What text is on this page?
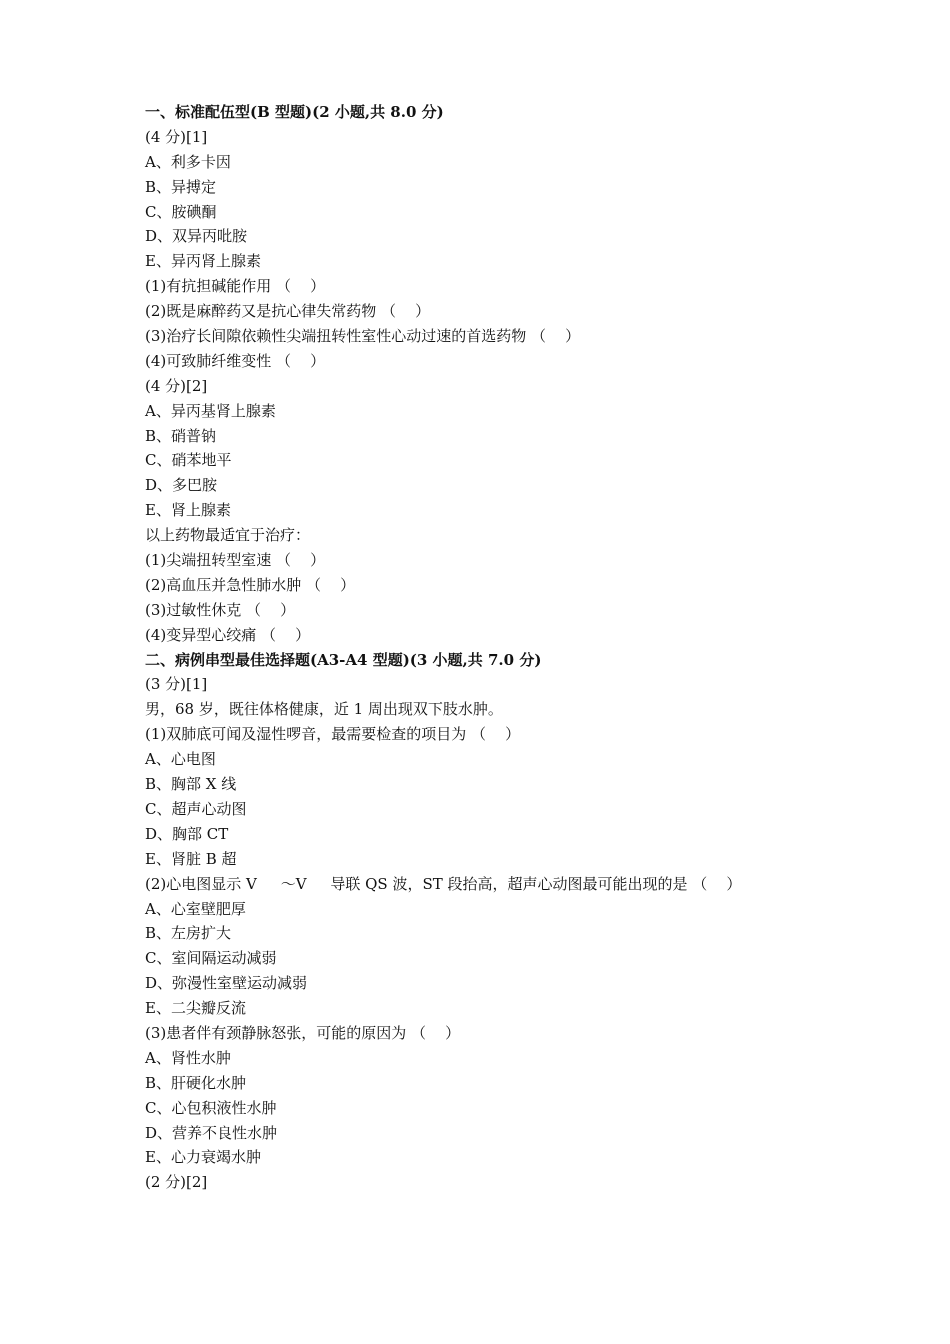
一、标准配伍型(B 型题)(2 小题,共 8.0 分)
(4 分)[1]
A、利多卡因
B、异搏定
C、胺碘酮
D、双异丙吡胺
E、异丙肾上腺素
(1)有抗担碱能作用 （    ）
(2)既是麻醉药又是抗心律失常药物 （    ）
(3)治疗长间隙依赖性尖端扭转性室性心动过速的首选药物 （    ）
(4)可致肺纤维变性 （    ）
(4 分)[2]
A、异丙基肾上腺素
B、硝普钠
C、硝苯地平
D、多巴胺
E、肾上腺素
以上药物最适宜于治疗：
(1)尖端扭转型室速 （    ）
(2)高血压并急性肺水肿 （    ）
(3)过敏性休克 （    ）
(4)变异型心绞痛 （    ）
二、病例串型最佳选择题(A3-A4 型题)(3 小题,共 7.0 分)
(3 分)[1]
男，68 岁，既往体格健康，近 1 周出现双下肢水肿。
(1)双肺底可闻及湿性啰音，最需要检查的项目为 （    ）
A、心电图
B、胸部 X 线
C、超声心动图
D、胸部 CT
E、肾脏 B 超
(2)心电图显示 V     ～V     导联 QS 波，ST 段抬高，超声心动图最可能出现的是 （    ）
A、心室壁肥厚
B、左房扩大
C、室间隔运动减弱
D、弥漫性室壁运动减弱
E、二尖瓣反流
(3)患者伴有颈静脉怒张，可能的原因为 （    ）
A、肾性水肿
B、肝硬化水肿
C、心包积液性水肿
D、营养不良性水肿
E、心力衰竭水肿
(2 分)[2]
